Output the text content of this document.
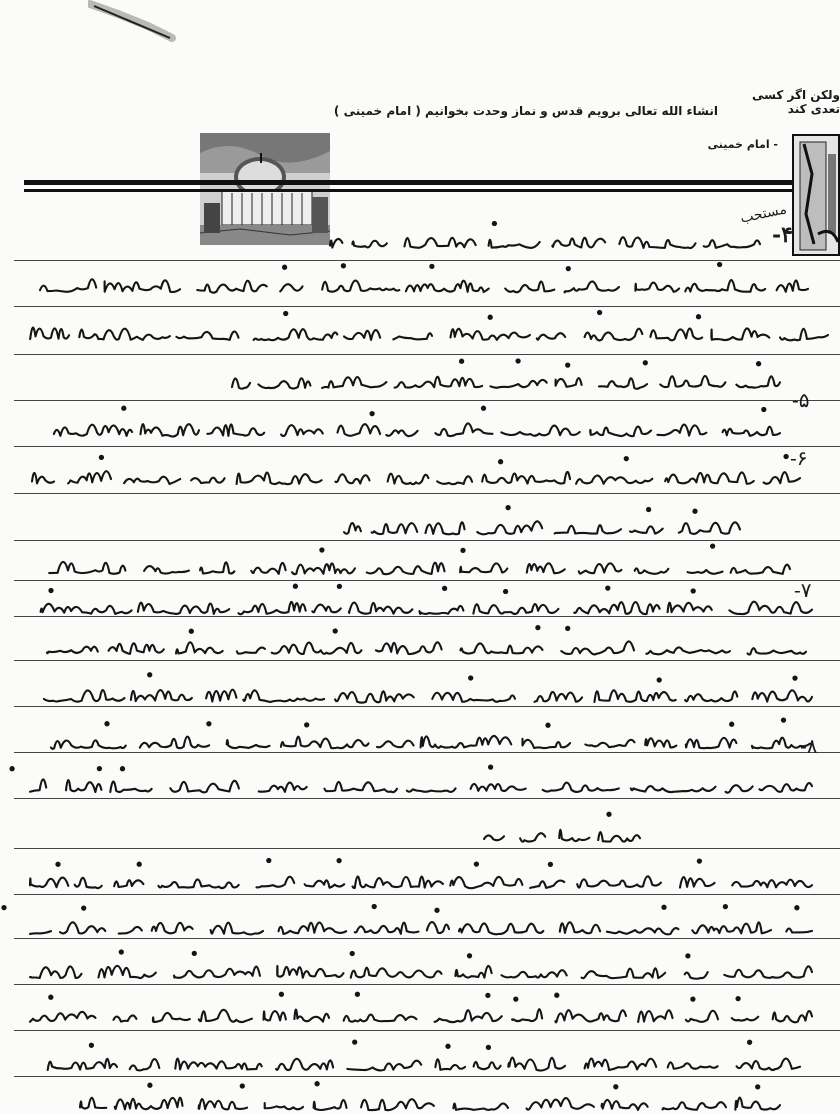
انشاء الله تعالی برویم قدس و نماز وحدت بخوانیم ( امام خمینی )
ولکن اگر کسی تعدی کند
- امام خمینی
۴-
مستحب
۵-
۶-
۷-
۸-
